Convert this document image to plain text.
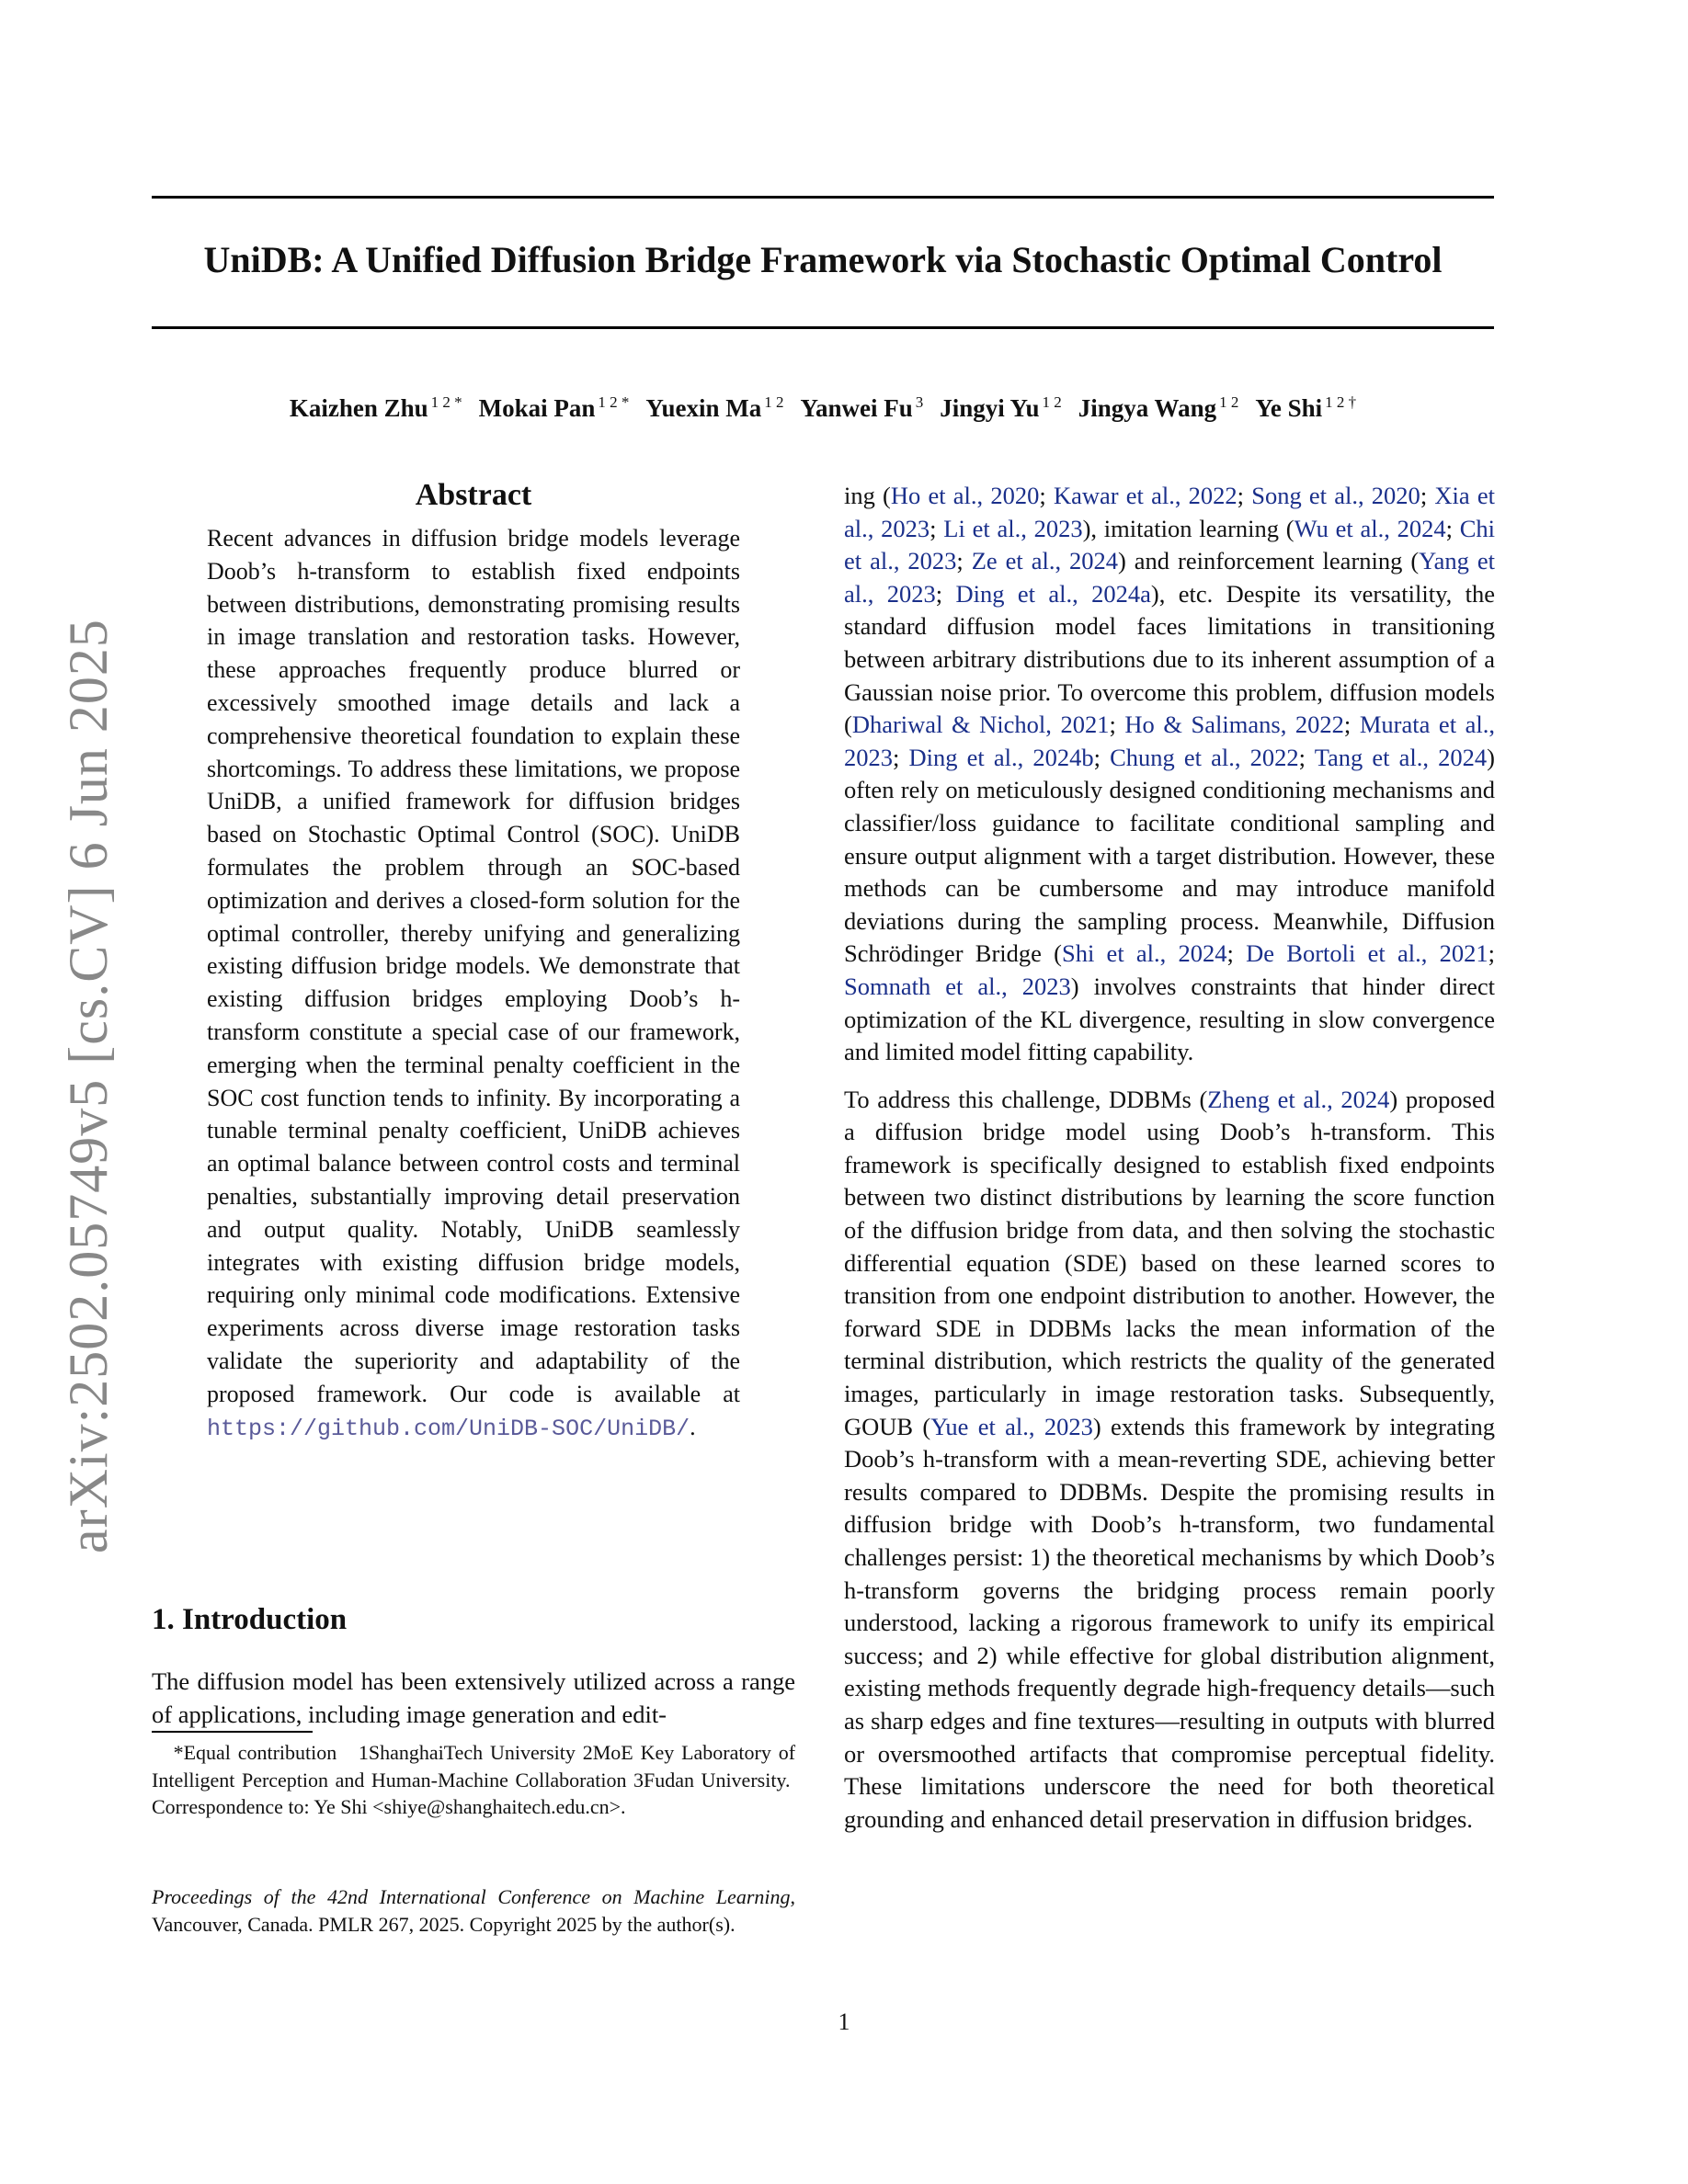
UniDB: A Unified Diffusion Bridge Framework via Stochastic Optimal Control
Kaizhen Zhu $^{1 2 *}$ Mokai Pan $^{1 2 *}$ Yuexin Ma $^{1 2}$ Yanwei Fu $^3$ Jingyi Yu $^{1 2}$ Jingya Wang $^{1 2}$ Ye Shi $^{1 2 \dagger}$
arXiv:2502.05749v5 [cs.CV] 6 Jun 2025
Abstract

Recent advances in diffusion bridge models leverage Doob’s h-transform to establish fixed endpoints between distributions, demonstrating promising results in image translation and restoration tasks. However, these approaches frequently produce blurred or excessively smoothed image details and lack a comprehensive theoretical foundation to explain these shortcomings. To address these limitations, we propose UniDB, a unified framework for diffusion bridges based on Stochastic Optimal Control (SOC). UniDB formulates the problem through an SOC-based optimization and derives a closed-form solution for the optimal controller, thereby unifying and generalizing existing diffusion bridge models. We demonstrate that existing diffusion bridges employing Doob’s h-transform constitute a special case of our framework, emerging when the terminal penalty coefficient in the SOC cost function tends to infinity. By incorporating a tunable terminal penalty coefficient, UniDB achieves an optimal balance between control costs and terminal penalties, substantially improving detail preservation and output quality. Notably, UniDB seamlessly integrates with existing diffusion bridge models, requiring only minimal code modifications. Extensive experiments across diverse image restoration tasks validate the superiority and adaptability of the proposed framework. Our code is available at https://github.com/UniDB-SOC/UniDB/.

1. Introduction

The diffusion model has been extensively utilized across a range of applications, including image generation and edit-

*Equal contribution 1ShanghaiTech University 2MoE Key Laboratory of Intelligent Perception and Human-Machine Collaboration 3Fudan University.  Correspondence to: Ye Shi <shiye@shanghaitech.edu.cn>.

Proceedings of the 42nd International Conference on Machine Learning, Vancouver, Canada. PMLR 267, 2025. Copyright 2025 by the author(s).

ing (Ho et al., 2020; Kawar et al., 2022; Song et al., 2020; Xia et al., 2023; Li et al., 2023), imitation learning (Wu et al., 2024; Chi et al., 2023; Ze et al., 2024) and reinforcement learning (Yang et al., 2023; Ding et al., 2024a), etc. Despite its versatility, the standard diffusion model faces limitations in transitioning between arbitrary distributions due to its inherent assumption of a Gaussian noise prior. To overcome this problem, diffusion models (Dhariwal & Nichol, 2021; Ho & Salimans, 2022; Murata et al., 2023; Ding et al., 2024b; Chung et al., 2022; Tang et al., 2024) often rely on meticulously designed conditioning mechanisms and classifier/loss guidance to facilitate conditional sampling and ensure output alignment with a target distribution. However, these methods can be cumbersome and may introduce manifold deviations during the sampling process. Meanwhile, Diffusion Schrödinger Bridge (Shi et al., 2024; De Bortoli et al., 2021; Somnath et al., 2023) involves constraints that hinder direct optimization of the KL divergence, resulting in slow convergence and limited model fitting capability.

To address this challenge, DDBMs (Zheng et al., 2024) proposed a diffusion bridge model using Doob’s h-transform. This framework is specifically designed to establish fixed endpoints between two distinct distributions by learning the score function of the diffusion bridge from data, and then solving the stochastic differential equation (SDE) based on these learned scores to transition from one endpoint distribution to another. However, the forward SDE in DDBMs lacks the mean information of the terminal distribution, which restricts the quality of the generated images, particularly in image restoration tasks. Subsequently, GOUB (Yue et al., 2023) extends this framework by integrating Doob’s h-transform with a mean-reverting SDE, achieving better results compared to DDBMs. Despite the promising results in diffusion bridge with Doob’s h-transform, two fundamental challenges persist: 1) the theoretical mechanisms by which Doob’s h-transform governs the bridging process remain poorly understood, lacking a rigorous framework to unify its empirical success; and 2) while effective for global distribution alignment, existing methods frequently degrade high-frequency details—such as sharp edges and fine textures—resulting in outputs with blurred or oversmoothed artifacts that compromise perceptual fidelity. These limitations underscore the need for both theoretical grounding and enhanced detail preservation in diffusion bridges.

1
